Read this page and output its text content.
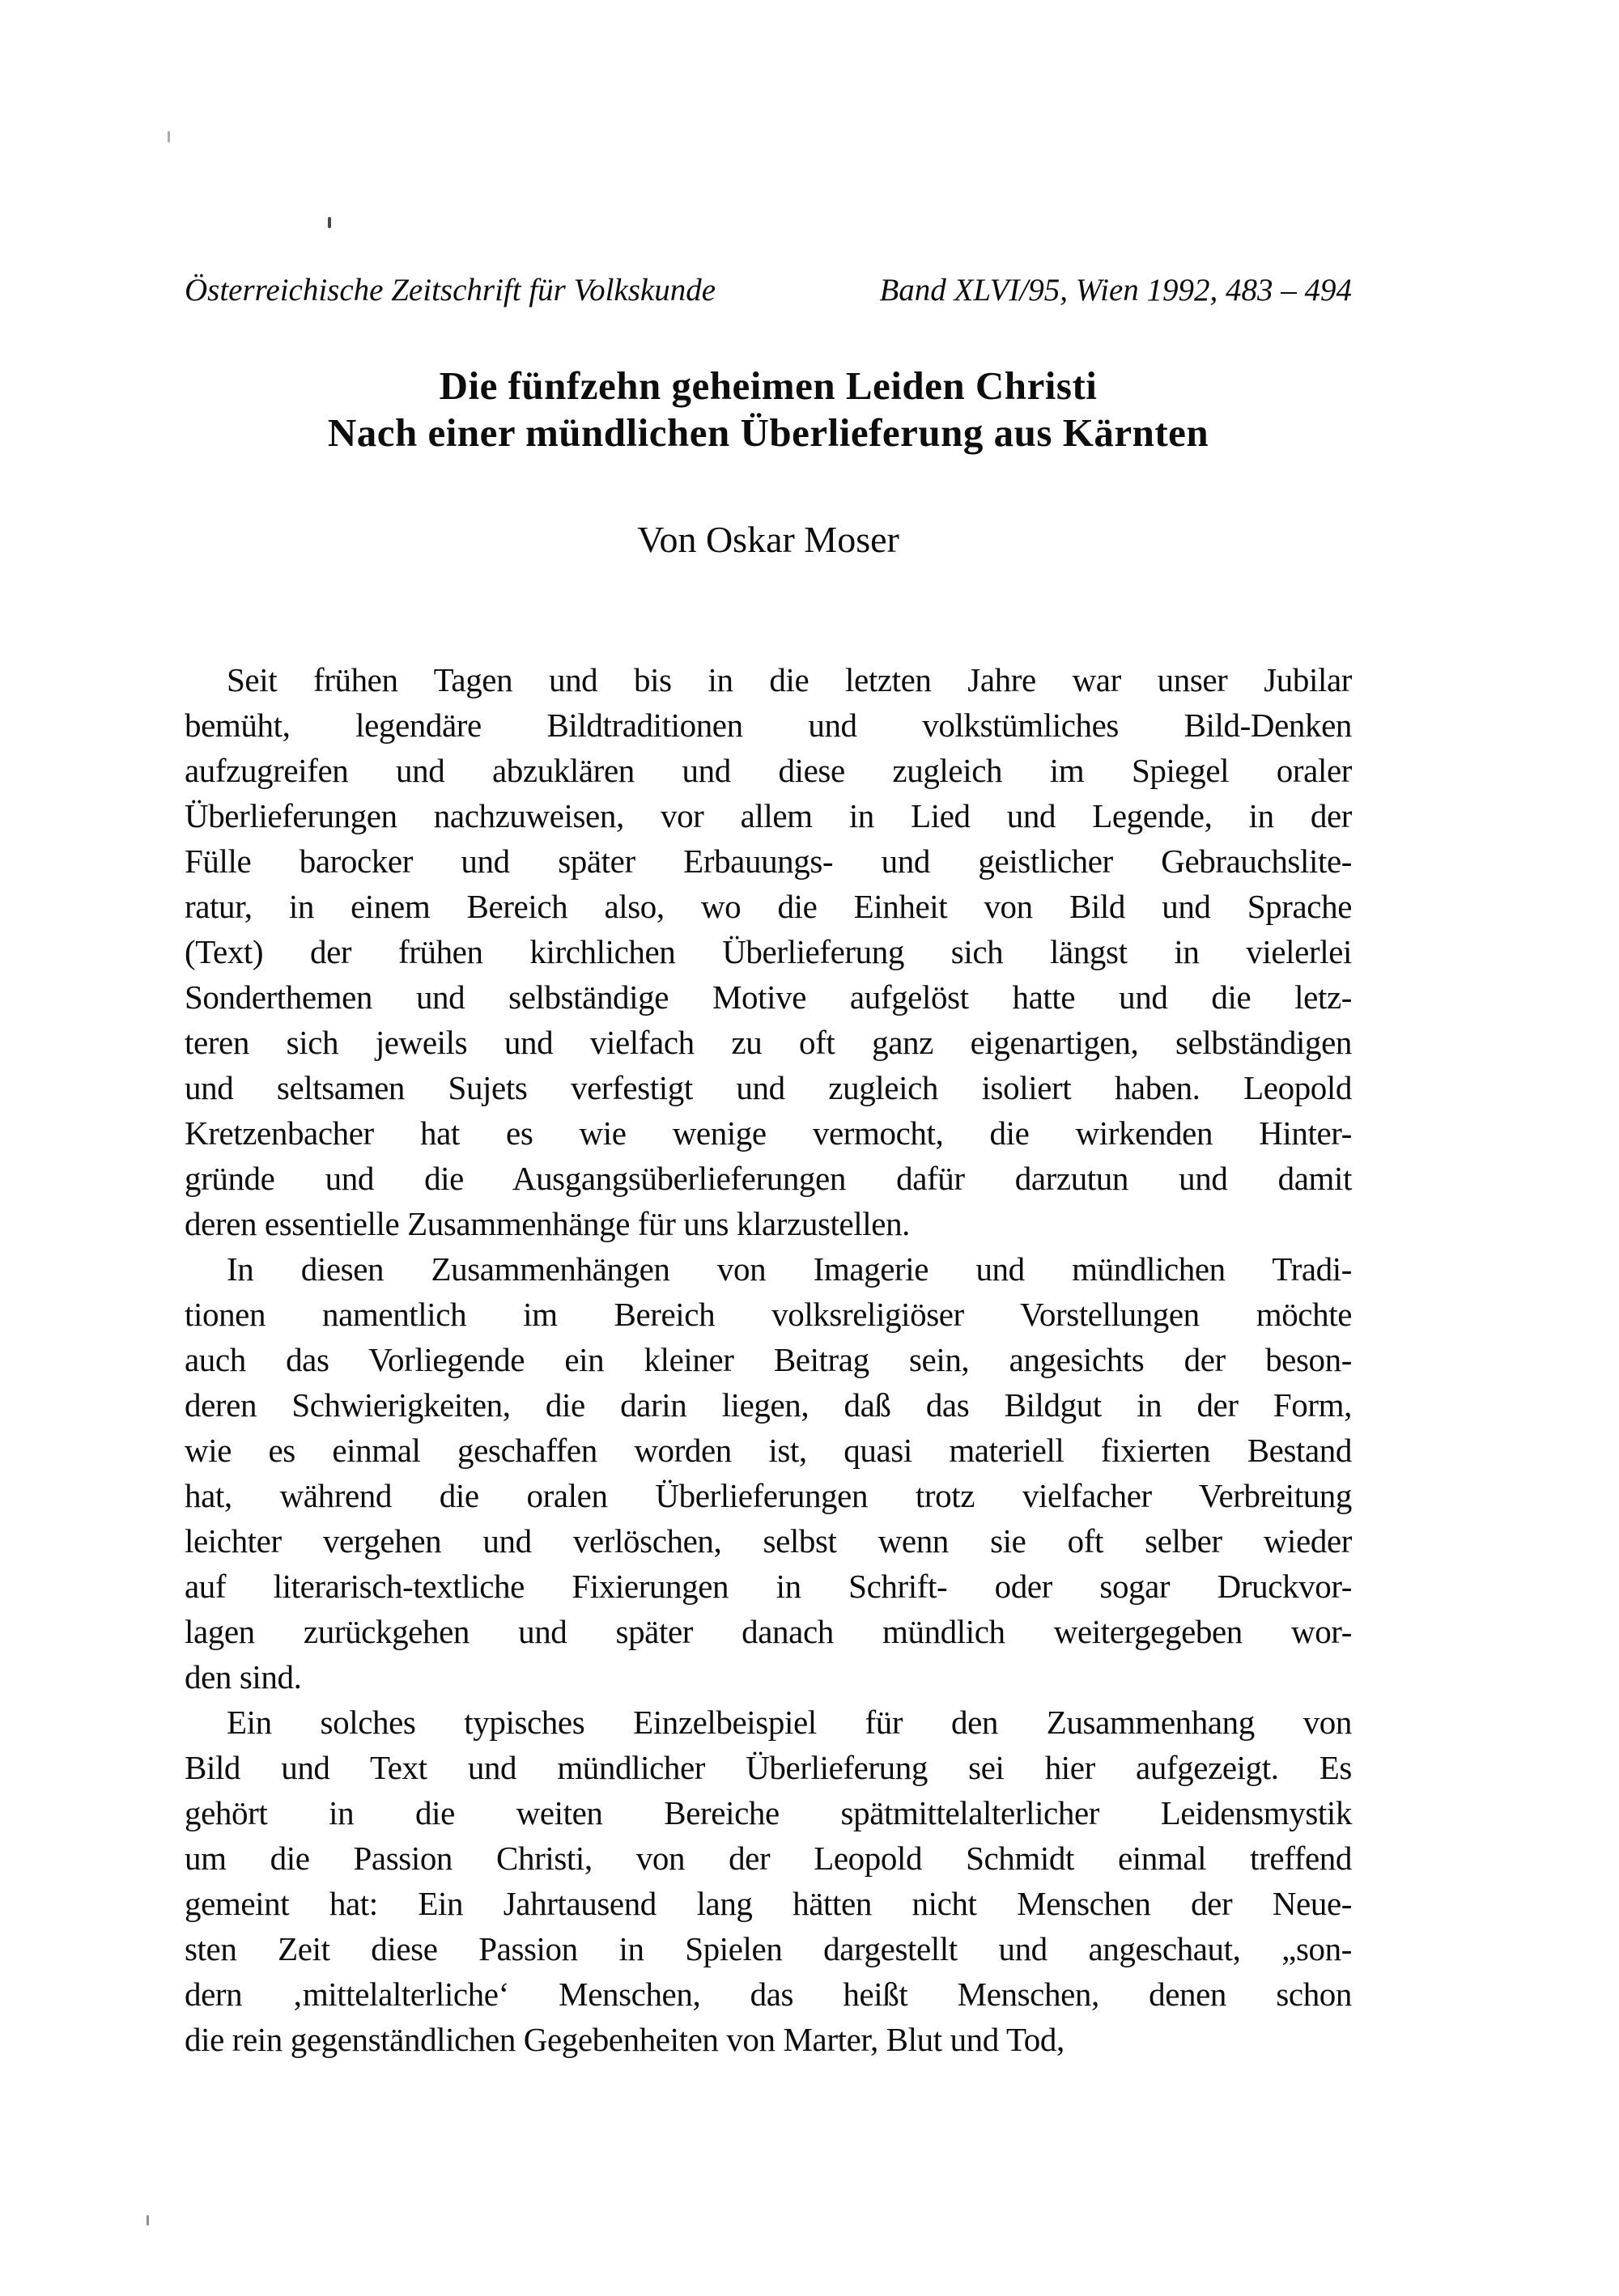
Österreichische Zeitschrift für Volkskunde	Band XLVI/95, Wien 1992, 483 – 494
Die fünfzehn geheimen Leiden Christi
Nach einer mündlichen Überlieferung aus Kärnten
Von Oskar Moser
Seit frühen Tagen und bis in die letzten Jahre war unser Jubilar
bemüht, legendäre Bildtraditionen und volkstümliches Bild-Denken
aufzugreifen und abzuklären und diese zugleich im Spiegel oraler
Überlieferungen nachzuweisen, vor allem in Lied und Legende, in der
Fülle barocker und später Erbauungs- und geistlicher Gebrauchslite-
ratur, in einem Bereich also, wo die Einheit von Bild und Sprache
(Text) der frühen kirchlichen Überlieferung sich längst in vielerlei
Sonderthemen und selbständige Motive aufgelöst hatte und die letz-
teren sich jeweils und vielfach zu oft ganz eigenartigen, selbständigen
und seltsamen Sujets verfestigt und zugleich isoliert haben. Leopold
Kretzenbacher hat es wie wenige vermocht, die wirkenden Hinter-
gründe und die Ausgangsüberlieferungen dafür darzutun und damit
deren essentielle Zusammenhänge für uns klarzustellen.
In diesen Zusammenhängen von Imagerie und mündlichen Tradi-
tionen namentlich im Bereich volksreligiöser Vorstellungen möchte
auch das Vorliegende ein kleiner Beitrag sein, angesichts der beson-
deren Schwierigkeiten, die darin liegen, daß das Bildgut in der Form,
wie es einmal geschaffen worden ist, quasi materiell fixierten Bestand
hat, während die oralen Überlieferungen trotz vielfacher Verbreitung
leichter vergehen und verlöschen, selbst wenn sie oft selber wieder
auf literarisch-textliche Fixierungen in Schrift- oder sogar Druckvor-
lagen zurückgehen und später danach mündlich weitergegeben wor-
den sind.
Ein solches typisches Einzelbeispiel für den Zusammenhang von
Bild und Text und mündlicher Überlieferung sei hier aufgezeigt. Es
gehört in die weiten Bereiche spätmittelalterlicher Leidensmystik
um die Passion Christi, von der Leopold Schmidt einmal treffend
gemeint hat: Ein Jahrtausend lang hätten nicht Menschen der Neue-
sten Zeit diese Passion in Spielen dargestellt und angeschaut, „son-
dern ‚mittelalterliche‘ Menschen, das heißt Menschen, denen schon
die rein gegenständlichen Gegebenheiten von Marter, Blut und Tod,
